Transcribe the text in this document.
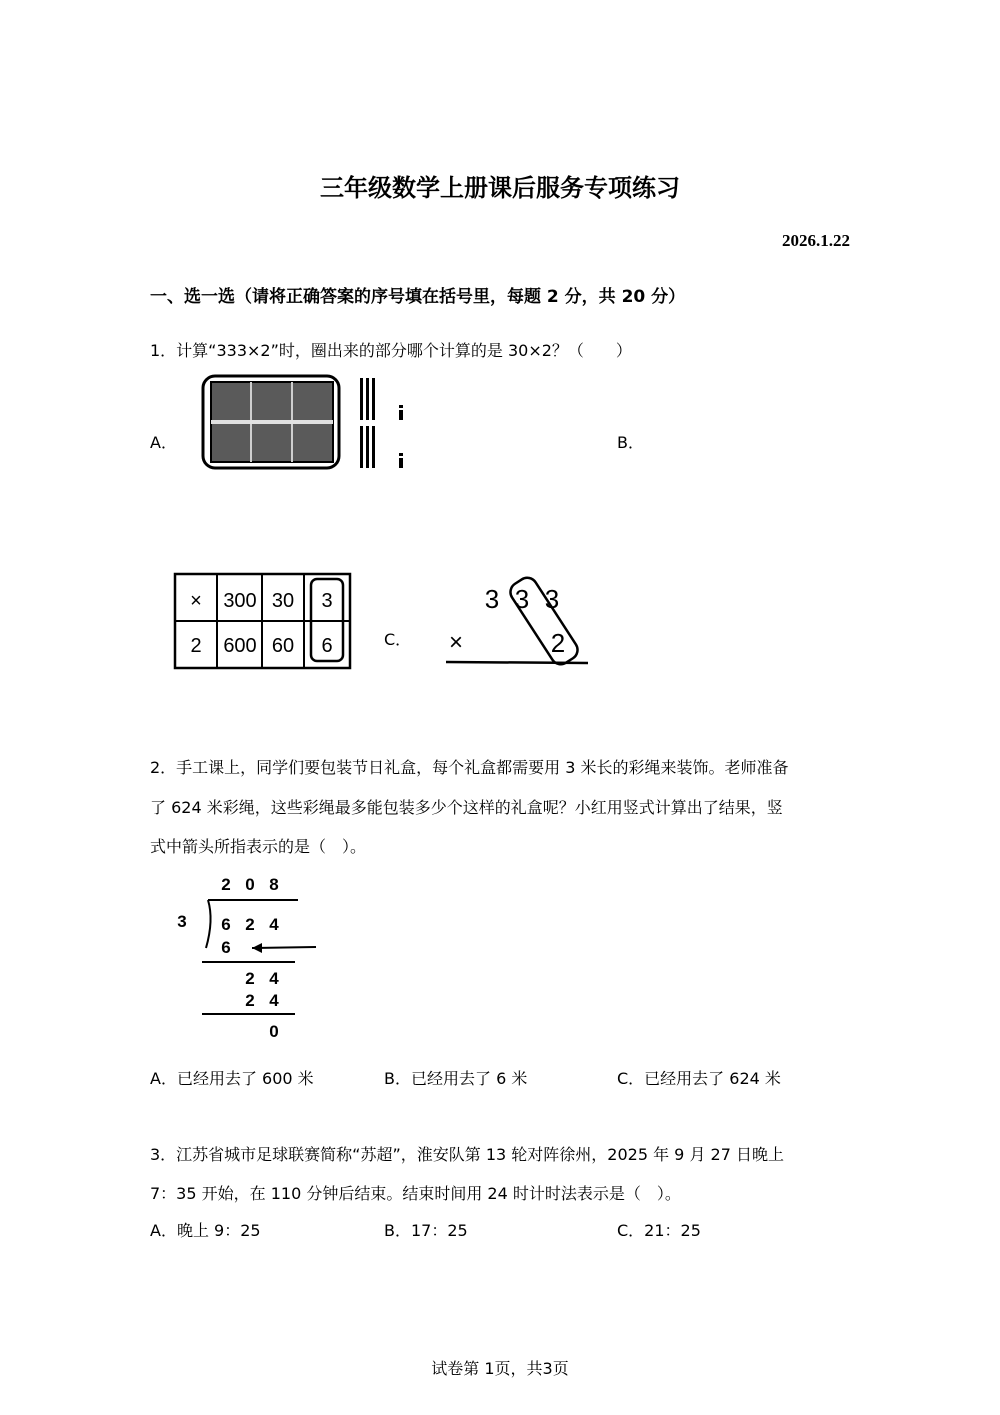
三年级数学上册课后服务专项练习
2026.1.22
一、选一选（请将正确答案的序号填在括号里，每题 2 分，共 20 分）
1．计算“333×2”时，圈出来的部分哪个计算的是 30×2？（　　）
A．	B．
× 300 30 3
2 600 60 6	C．
3 3 3
×	2
2．手工课上，同学们要包装节日礼盒，每个礼盒都需要用 3 米长的彩绳来装饰。老师准备
了 624 米彩绳，这些彩绳最多能包装多少个这样的礼盒呢？小红用竖式计算出了结果，竖
式中箭头所指表示的是（　）。
2 0 8
3 6 2 4
6
2 4
2 4
0
A．已经用去了 600 米	B．已经用去了 6 米	C．已经用去了 624 米
3．江苏省城市足球联赛简称“苏超”，淮安队第 13 轮对阵徐州，2025 年 9 月 27 日晚上
7：35 开始，在 110 分钟后结束。结束时间用 24 时计时法表示是（　）。
A．晚上 9：25	B．17：25	C．21：25
试卷第 1页，共3页
